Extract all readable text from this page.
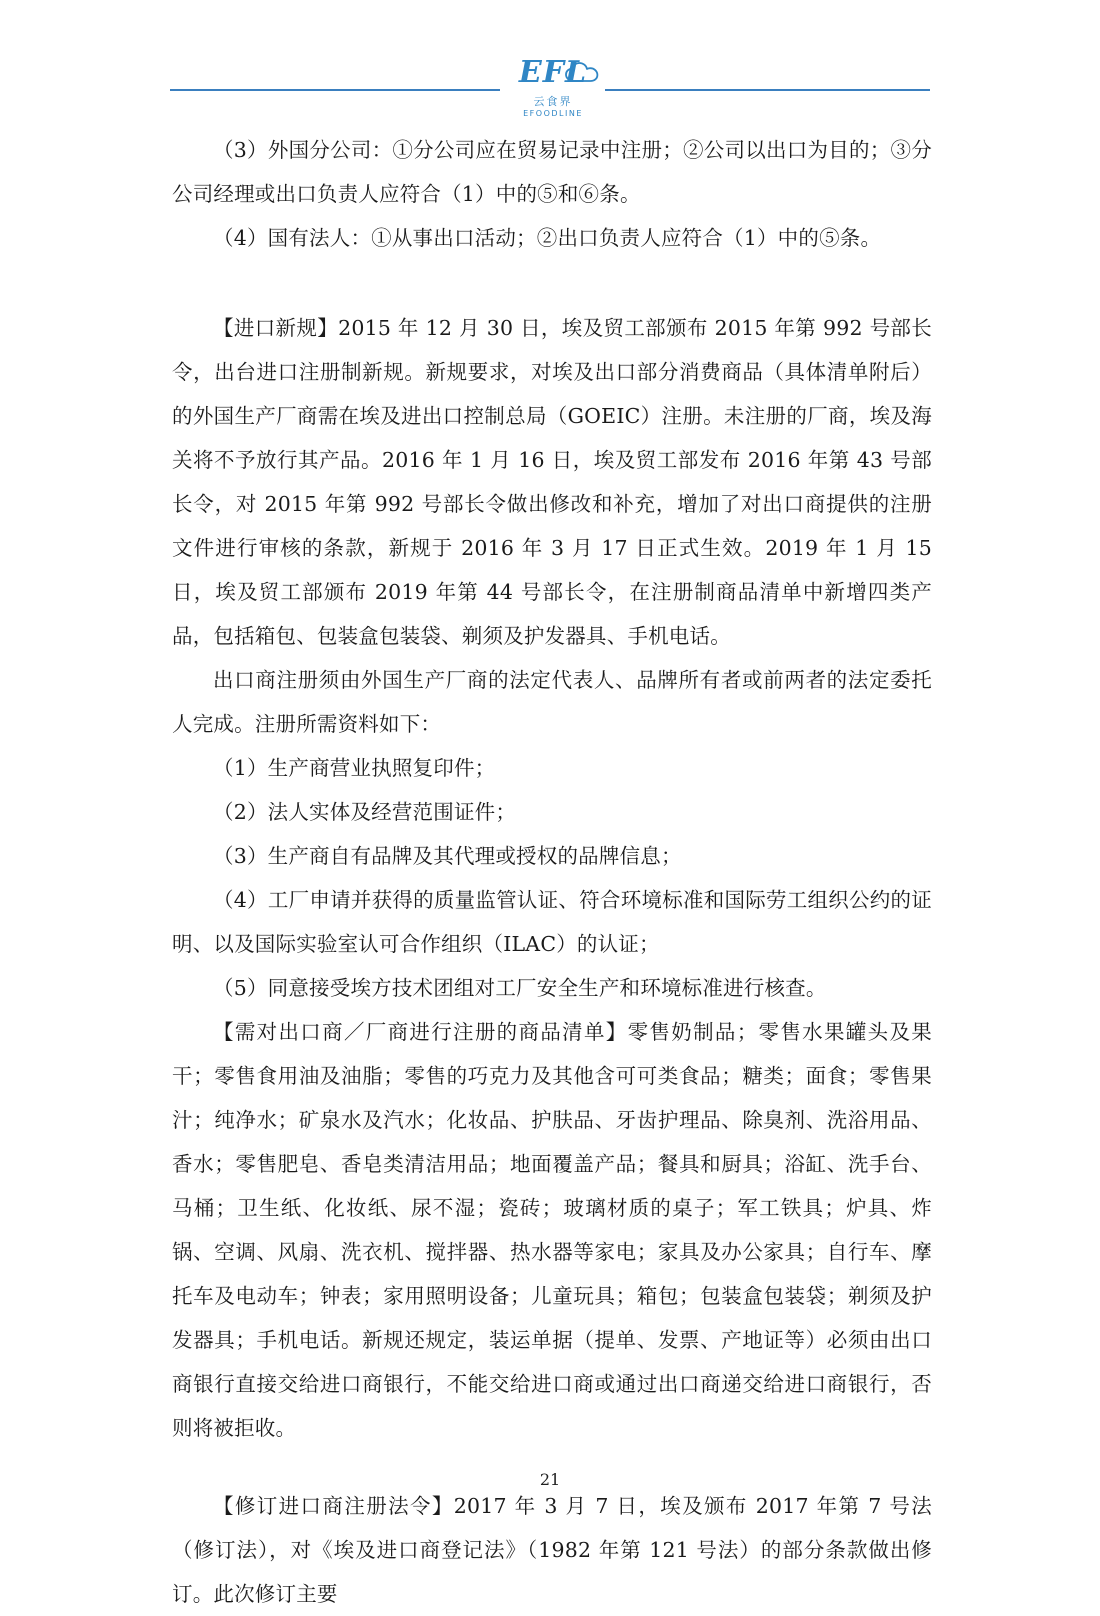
EFL
云食界
EFOODLINE

（3）外国分公司：①分公司应在贸易记录中注册；②公司以出口为目的；③分公司经理或出口负责人应符合（1）中的⑤和⑥条。

（4）国有法人：①从事出口活动；②出口负责人应符合（1）中的⑤条。

【进口新规】2015 年 12 月 30 日，埃及贸工部颁布 2015 年第 992 号部长令，出台进口注册制新规。新规要求，对埃及出口部分消费商品（具体清单附后）的外国生产厂商需在埃及进出口控制总局（GOEIC）注册。未注册的厂商，埃及海关将不予放行其产品。2016 年 1 月 16 日，埃及贸工部发布 2016 年第 43 号部长令，对 2015 年第 992 号部长令做出修改和补充，增加了对出口商提供的注册文件进行审核的条款，新规于 2016 年 3 月 17 日正式生效。2019 年 1 月 15 日，埃及贸工部颁布 2019 年第 44 号部长令，在注册制商品清单中新增四类产品，包括箱包、包装盒包装袋、剃须及护发器具、手机电话。

出口商注册须由外国生产厂商的法定代表人、品牌所有者或前两者的法定委托人完成。注册所需资料如下：

（1）生产商营业执照复印件；

（2）法人实体及经营范围证件；

（3）生产商自有品牌及其代理或授权的品牌信息；

（4）工厂申请并获得的质量监管认证、符合环境标准和国际劳工组织公约的证明、以及国际实验室认可合作组织（ILAC）的认证；

（5）同意接受埃方技术团组对工厂安全生产和环境标准进行核查。

【需对出口商／厂商进行注册的商品清单】零售奶制品；零售水果罐头及果干；零售食用油及油脂；零售的巧克力及其他含可可类食品；糖类；面食；零售果汁；纯净水；矿泉水及汽水；化妆品、护肤品、牙齿护理品、除臭剂、洗浴用品、香水；零售肥皂、香皂类清洁用品；地面覆盖产品；餐具和厨具；浴缸、洗手台、马桶；卫生纸、化妆纸、尿不湿；瓷砖；玻璃材质的桌子；军工铁具；炉具、炸锅、空调、风扇、洗衣机、搅拌器、热水器等家电；家具及办公家具；自行车、摩托车及电动车；钟表；家用照明设备；儿童玩具；箱包；包装盒包装袋；剃须及护发器具；手机电话。新规还规定，装运单据（提单、发票、产地证等）必须由出口商银行直接交给进口商银行，不能交给进口商或通过出口商递交给进口商银行，否则将被拒收。

【修订进口商注册法令】2017 年 3 月 7 日，埃及颁布 2017 年第 7 号法（修订法），对《埃及进口商登记法》（1982 年第 121 号法）的部分条款做出修订。此次修订主要

21
